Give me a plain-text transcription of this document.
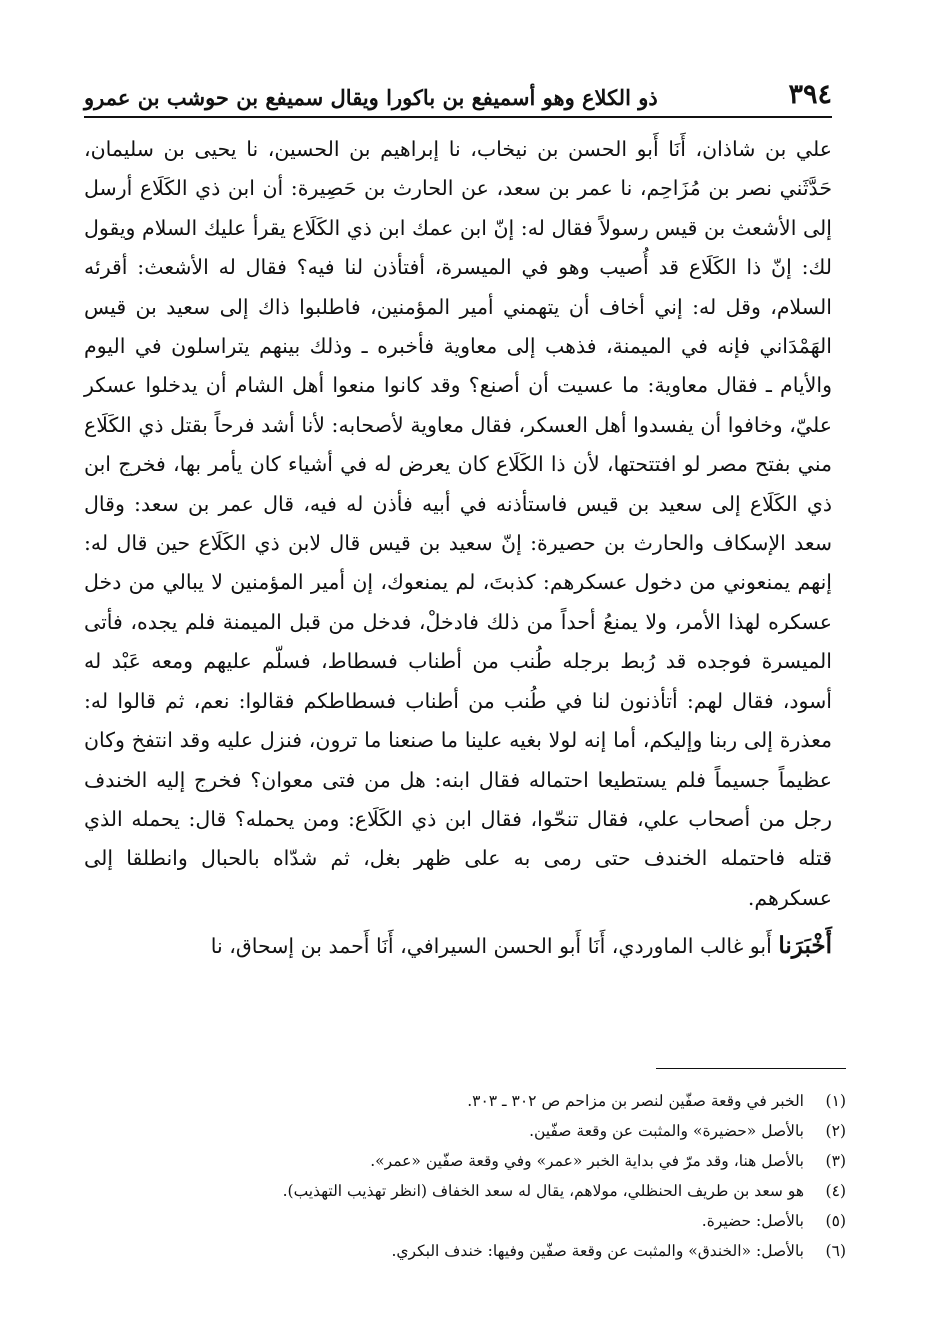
٣٩٤
ذو الكلاع وهو أسميفع بن باكورا ويقال سميفع بن حوشب بن عمرو

علي بن شاذان، أَنَا أَبو الحسن بن نيخاب، نا إبراهيم بن الحسين، نا يحيى بن سليمان، حَدَّثَني نصر بن مُزَاحِم، نا عمر بن سعد، عن الحارث بن حَصِيرة: أن ابن ذي الكَلَاع أرسل إلى الأشعث بن قيس رسولاً فقال له: إنّ ابن عمك ابن ذي الكَلَاع يقرأ عليك السلام ويقول لك: إنّ ذا الكَلَاع قد أُصيب وهو في الميسرة، أفتأذن لنا فيه؟ فقال له الأشعث: أقرئه السلام، وقل له: إني أخاف أن يتهمني أمير المؤمنين، فاطلبوا ذاك إلى سعيد بن قيس الهَمْدَاني فإنه في الميمنة، فذهب إلى معاوية فأخبره ـ وذلك بينهم يتراسلون في اليوم والأيام ـ فقال معاوية: ما عسيت أن أصنع؟ وقد كانوا منعوا أهل الشام أن يدخلوا عسكر عليّ، وخافوا أن يفسدوا أهل العسكر، فقال معاوية لأصحابه: لأنا أشد فرحاً بقتل ذي الكَلَاع مني بفتح مصر لو افتتحتها، لأن ذا الكَلَاع كان يعرض له في أشياء كان يأمر بها، فخرج ابن ذي الكَلَاع إلى سعيد بن قيس فاستأذنه في أبيه فأذن له فيه، قال عمر بن سعد: وقال سعد الإسكاف والحارث بن حصيرة: إنّ سعيد بن قيس قال لابن ذي الكَلَاع حين قال له: إنهم يمنعوني من دخول عسكرهم: كذبتَ، لم يمنعوك، إن أمير المؤمنين لا يبالي من دخل عسكره لهذا الأمر، ولا يمنعُ أحداً من ذلك فادخلْ، فدخل من قبل الميمنة فلم يجده، فأتى الميسرة فوجده قد رُبط برجله طُنب من أطناب فسطاط، فسلّم عليهم ومعه عَبْد له أسود، فقال لهم: أتأذنون لنا في طُنب من أطناب فسطاطكم فقالوا: نعم، ثم قالوا له: معذرة إلى ربنا وإليكم، أما إنه لولا بغيه علينا ما صنعنا ما ترون، فنزل عليه وقد انتفخ وكان عظيماً جسيماً فلم يستطيعا احتماله فقال ابنه: هل من فتى معوان؟ فخرج إليه الخندف رجل من أصحاب علي، فقال تنحّوا، فقال ابن ذي الكَلَاع: ومن يحمله؟ قال: يحمله الذي قتله فاحتمله الخندف حتى رمى به على ظهر بغل، ثم شدّاه بالحبال وانطلقا إلى عسكرهم.

أَخْبَرَنا أَبو غالب الماوردي، أَنَا أَبو الحسن السيرافي، أَنَا أَحمد بن إسحاق، نا

(١)
الخبر في وقعة صفّين لنصر بن مزاحم ص ٣٠٢ ـ ٣٠٣.
(٢)
بالأصل «حضيرة» والمثبت عن وقعة صفّين.
(٣)
بالأصل هنا، وقد مرّ في بداية الخبر «عمر» وفي وقعة صفّين «عمر».
(٤)
هو سعد بن طريف الحنظلي، مولاهم، يقال له سعد الخفاف (انظر تهذيب التهذيب).
(٥)
بالأصل: حضيرة.
(٦)
بالأصل: «الخندق» والمثبت عن وقعة صفّين وفيها: خندف البكري.
